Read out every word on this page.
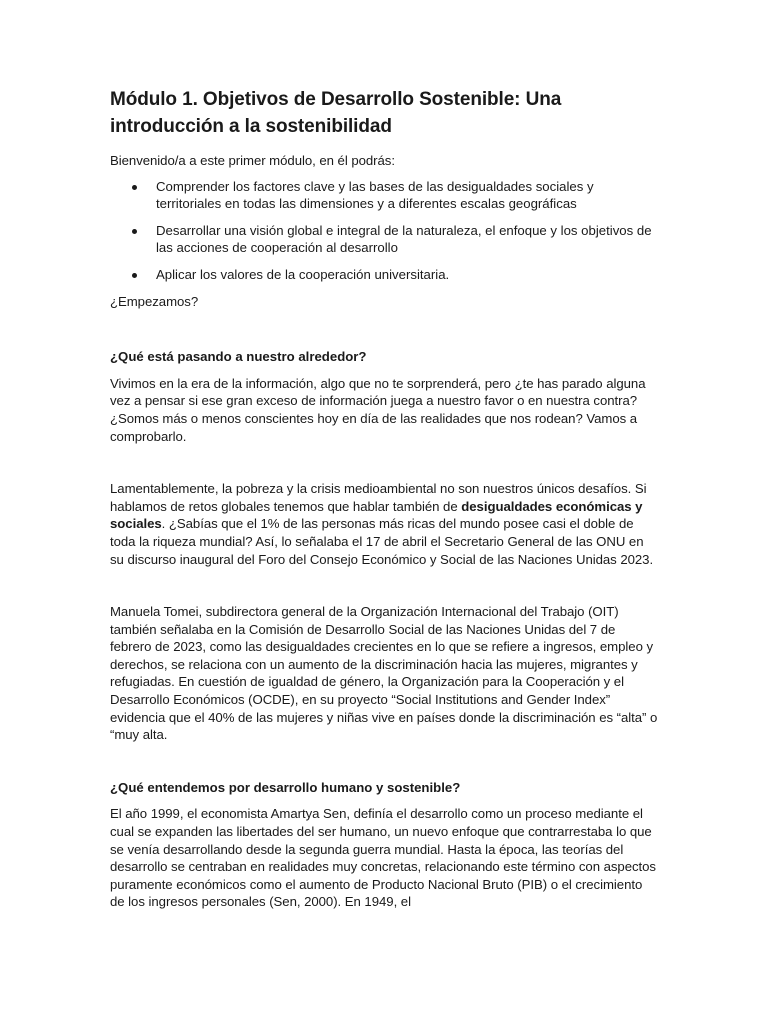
Módulo 1. Objetivos de Desarrollo Sostenible: Una introducción a la sostenibilidad

Bienvenido/a a este primer módulo, en él podrás:

Comprender los factores clave y las bases de las desigualdades sociales y territoriales en todas las dimensiones y a diferentes escalas geográficas
Desarrollar una visión global e integral de la naturaleza, el enfoque y los objetivos de las acciones de cooperación al desarrollo
Aplicar los valores de la cooperación universitaria.

¿Empezamos?

¿Qué está pasando a nuestro alrededor?

Vivimos en la era de la información, algo que no te sorprenderá, pero ¿te has parado alguna vez a pensar si ese gran exceso de información juega a nuestro favor o en nuestra contra? ¿Somos más o menos conscientes hoy en día de las realidades que nos rodean? Vamos a comprobarlo.

Lamentablemente, la pobreza y la crisis medioambiental no son nuestros únicos desafíos. Si hablamos de retos globales tenemos que hablar también de desigualdades económicas y sociales. ¿Sabías que el 1% de las personas más ricas del mundo posee casi el doble de toda la riqueza mundial? Así, lo señalaba el 17 de abril el Secretario General de las ONU en su discurso inaugural del Foro del Consejo Económico y Social de las Naciones Unidas 2023.

Manuela Tomei, subdirectora general de la Organización Internacional del Trabajo (OIT) también señalaba en la Comisión de Desarrollo Social de las Naciones Unidas del 7 de febrero de 2023, como las desigualdades crecientes en lo que se refiere a ingresos, empleo y derechos, se relaciona con un aumento de la discriminación hacia las mujeres, migrantes y refugiadas. En cuestión de igualdad de género, la Organización para la Cooperación y el Desarrollo Económicos (OCDE), en su proyecto “Social Institutions and Gender Index” evidencia que el 40% de las mujeres y niñas vive en países donde la discriminación es “alta” o “muy alta.

¿Qué entendemos por desarrollo humano y sostenible?

El año 1999, el economista Amartya Sen, definía el desarrollo como un proceso mediante el cual se expanden las libertades del ser humano, un nuevo enfoque que contrarrestaba lo que se venía desarrollando desde la segunda guerra mundial. Hasta la época, las teorías del desarrollo se centraban en realidades muy concretas, relacionando este término con aspectos puramente económicos como el aumento de Producto Nacional Bruto (PIB) o el crecimiento de los ingresos personales (Sen, 2000). En 1949, el
